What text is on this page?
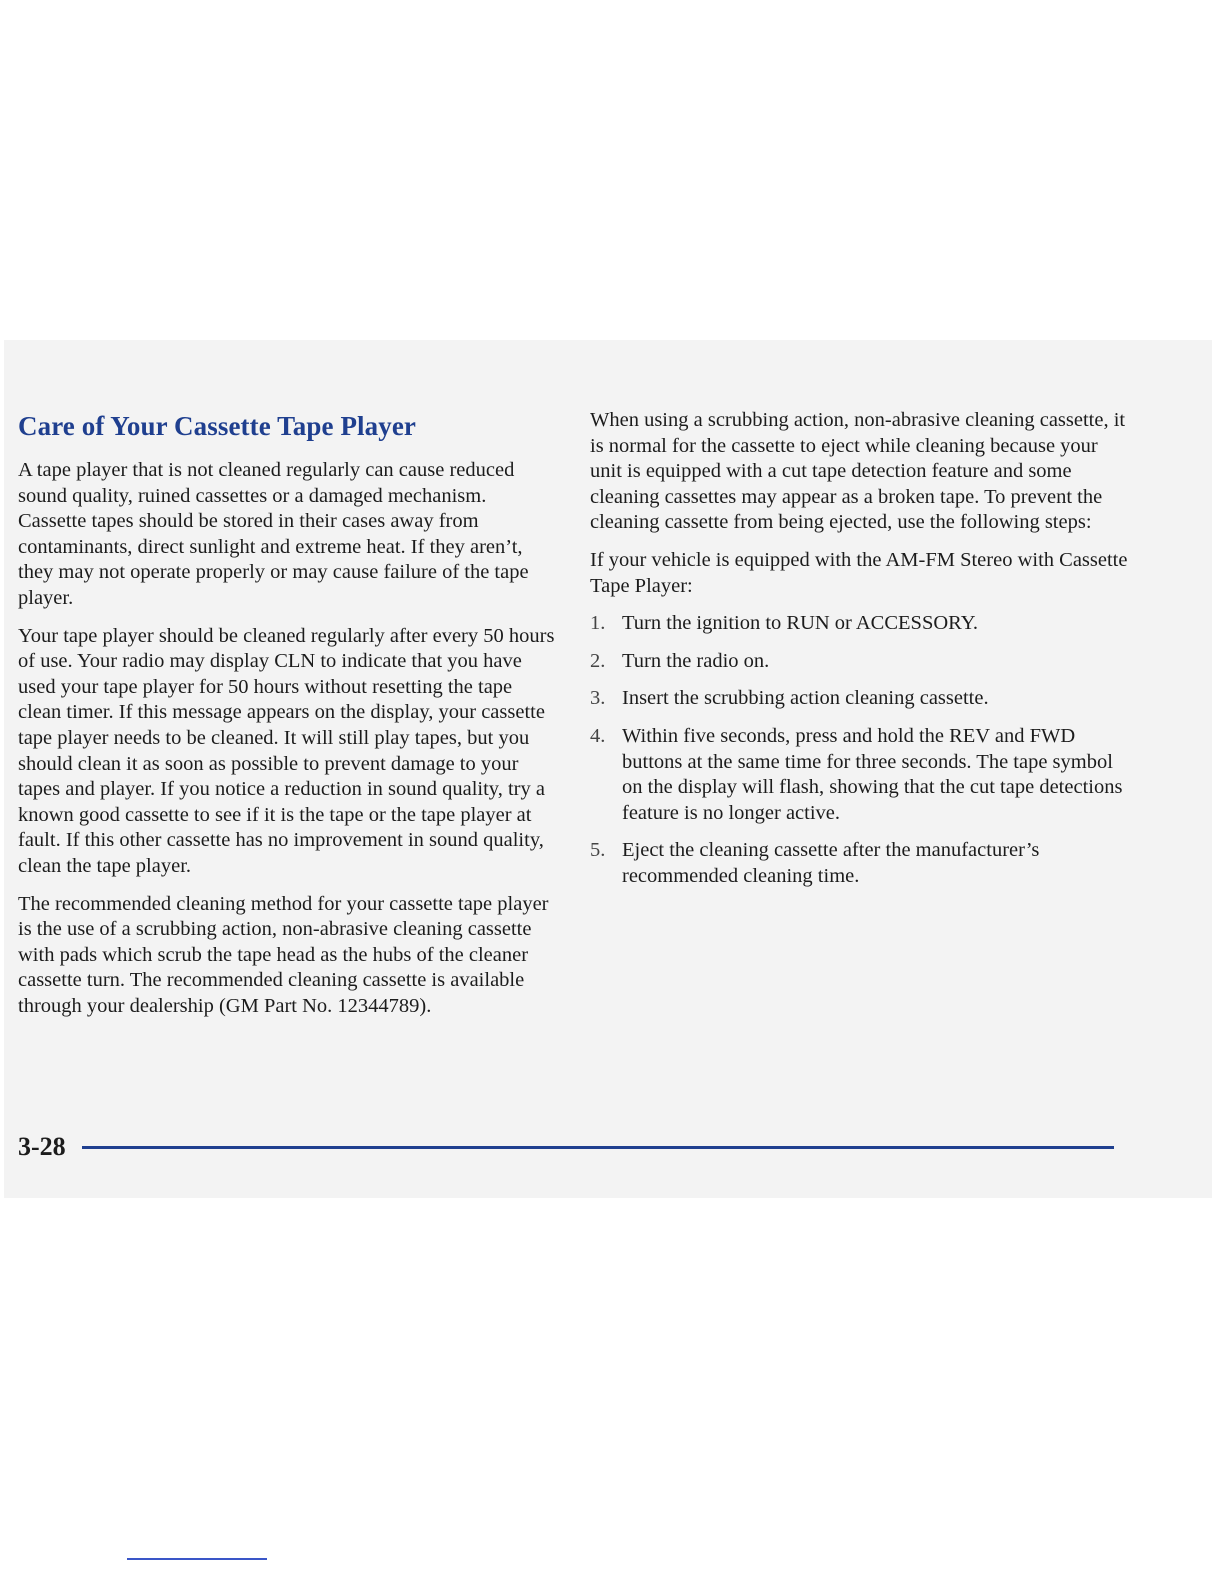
Care of Your Cassette Tape Player

A tape player that is not cleaned regularly can cause reduced sound quality, ruined cassettes or a damaged mechanism. Cassette tapes should be stored in their cases away from contaminants, direct sunlight and extreme heat. If they aren’t, they may not operate properly or may cause failure of the tape player.

Your tape player should be cleaned regularly after every 50 hours of use. Your radio may display CLN to indicate that you have used your tape player for 50 hours without resetting the tape clean timer. If this message appears on the display, your cassette tape player needs to be cleaned. It will still play tapes, but you should clean it as soon as possible to prevent damage to your tapes and player. If you notice a reduction in sound quality, try a known good cassette to see if it is the tape or the tape player at fault. If this other cassette has no improvement in sound quality, clean the tape player.

The recommended cleaning method for your cassette tape player is the use of a scrubbing action, non-abrasive cleaning cassette with pads which scrub the tape head as the hubs of the cleaner cassette turn. The recommended cleaning cassette is available through your dealership (GM Part No. 12344789).

When using a scrubbing action, non-abrasive cleaning cassette, it is normal for the cassette to eject while cleaning because your unit is equipped with a cut tape detection feature and some cleaning cassettes may appear as a broken tape. To prevent the cleaning cassette from being ejected, use the following steps:

If your vehicle is equipped with the AM-FM Stereo with Cassette Tape Player:

1. Turn the ignition to RUN or ACCESSORY.
2. Turn the radio on.
3. Insert the scrubbing action cleaning cassette.
4. Within five seconds, press and hold the REV and FWD buttons at the same time for three seconds. The tape symbol on the display will flash, showing that the cut tape detections feature is no longer active.
5. Eject the cleaning cassette after the manufacturer’s recommended cleaning time.
3-28
